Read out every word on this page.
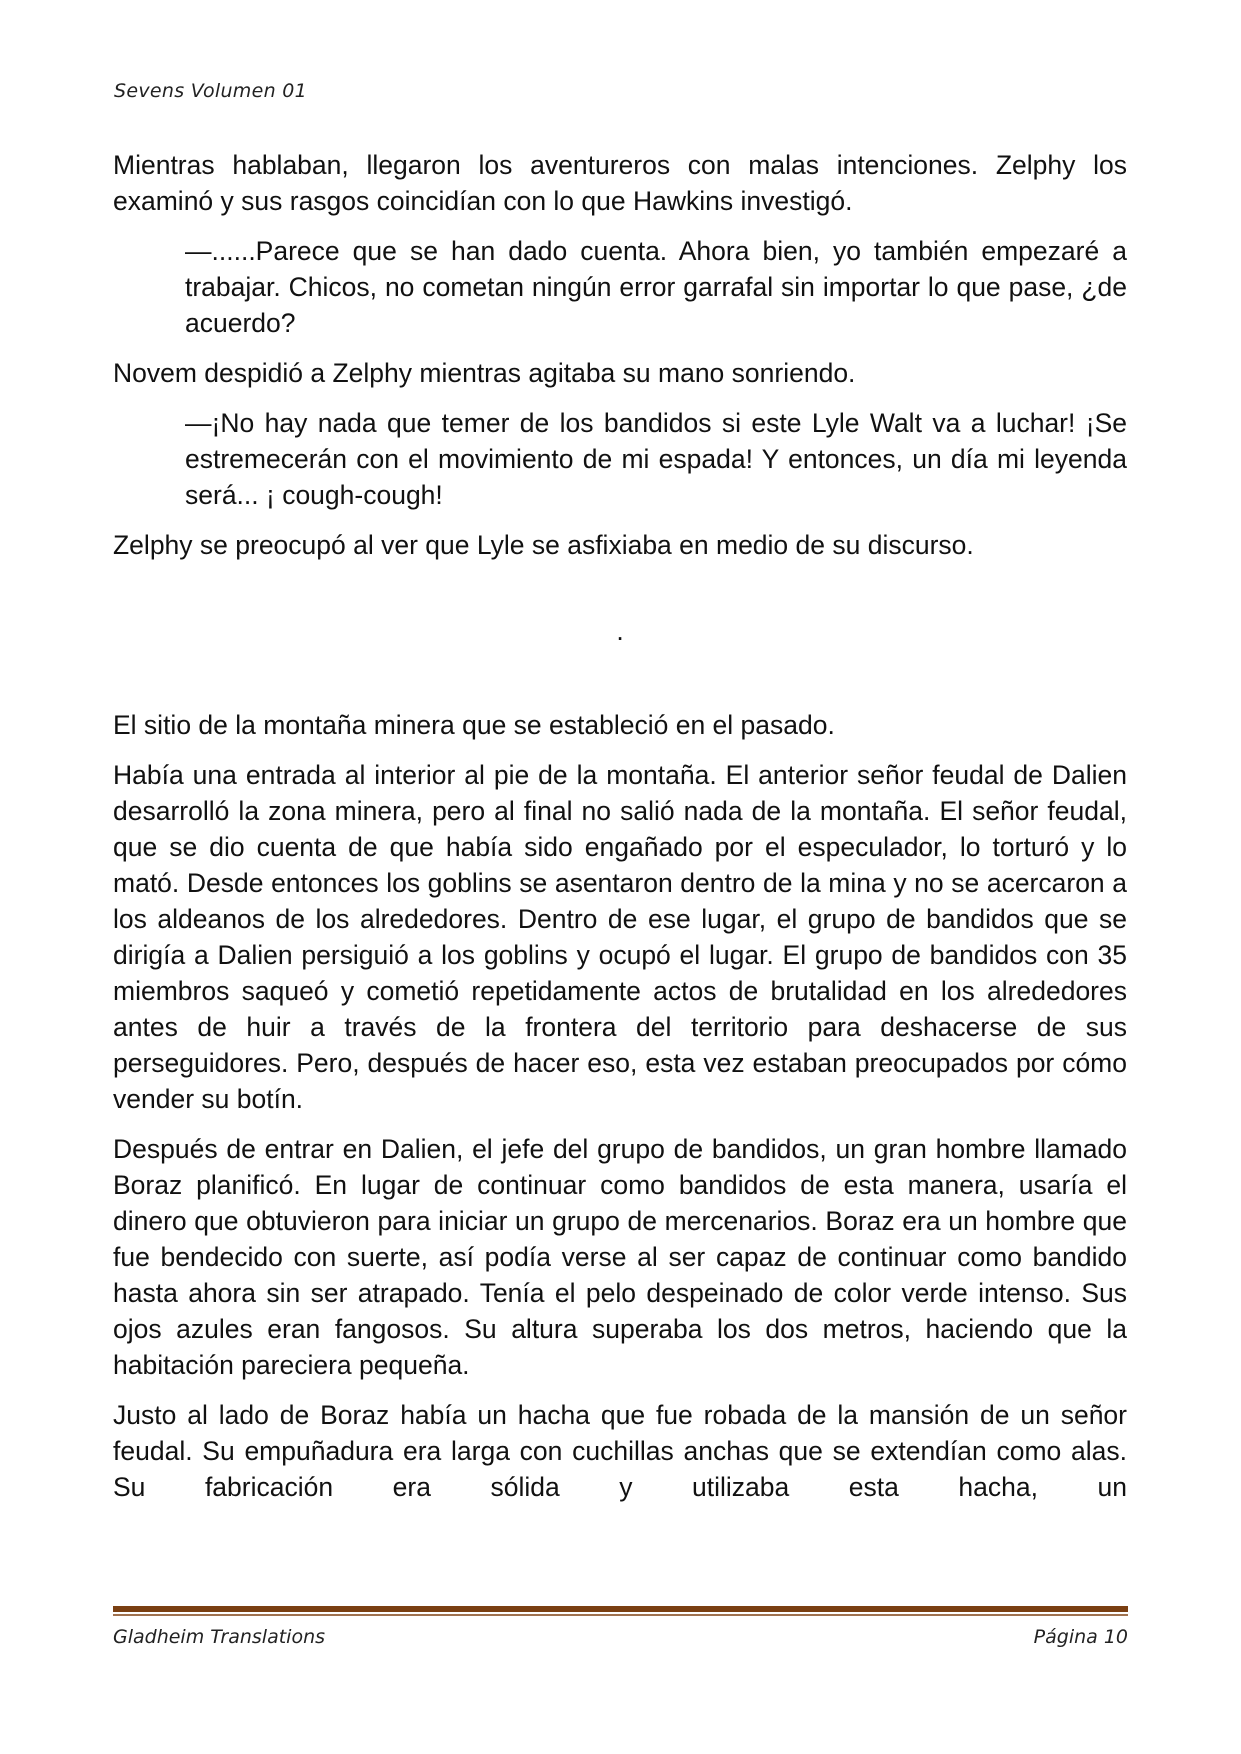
Sevens Volumen 01

Mientras hablaban, llegaron los aventureros con malas intenciones. Zelphy los examinó y sus rasgos coincidían con lo que Hawkins investigó.

—......Parece que se han dado cuenta. Ahora bien, yo también empezaré a trabajar. Chicos, no cometan ningún error garrafal sin importar lo que pase, ¿de acuerdo?

Novem despidió a Zelphy mientras agitaba su mano sonriendo.

—¡No hay nada que temer de los bandidos si este Lyle Walt va a luchar! ¡Se estremecerán con el movimiento de mi espada! Y entonces, un día mi leyenda será... ¡ cough-cough!

Zelphy se preocupó al ver que Lyle se asfixiaba en medio de su discurso.

.

El sitio de la montaña minera que se estableció en el pasado.

Había una entrada al interior al pie de la montaña. El anterior señor feudal de Dalien desarrolló la zona minera, pero al final no salió nada de la montaña. El señor feudal, que se dio cuenta de que había sido engañado por el especulador, lo torturó y lo mató. Desde entonces los goblins se asentaron dentro de la mina y no se acercaron a los aldeanos de los alrededores. Dentro de ese lugar, el grupo de bandidos que se dirigía a Dalien persiguió a los goblins y ocupó el lugar. El grupo de bandidos con 35 miembros saqueó y cometió repetidamente actos de brutalidad en los alrededores antes de huir a través de la frontera del territorio para deshacerse de sus perseguidores. Pero, después de hacer eso, esta vez estaban preocupados por cómo vender su botín.

Después de entrar en Dalien, el jefe del grupo de bandidos, un gran hombre llamado Boraz planificó. En lugar de continuar como bandidos de esta manera, usaría el dinero que obtuvieron para iniciar un grupo de mercenarios. Boraz era un hombre que fue bendecido con suerte, así podía verse al ser capaz de continuar como bandido hasta ahora sin ser atrapado. Tenía el pelo despeinado de color verde intenso. Sus ojos azules eran fangosos. Su altura superaba los dos metros, haciendo que la habitación pareciera pequeña.

Justo al lado de Boraz había un hacha que fue robada de la mansión de un señor feudal. Su empuñadura era larga con cuchillas anchas que se extendían como alas. Su fabricación era sólida y utilizaba esta hacha, un

Gladheim Translations	Página 10
